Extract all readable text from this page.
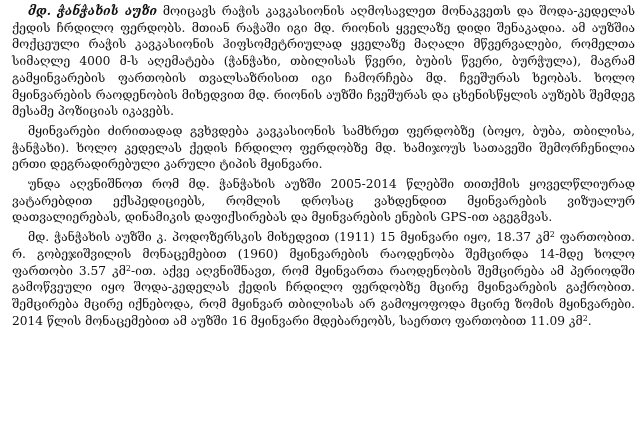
მდ. ჭანჭახის აუზი მოიცავს რაჭის კავკასიონის აღმოსავლეთ მონაკვეთს და შოდა-კედელას ქედის ჩრდილო ფერდობს. მთიან რაჭაში იგი მდ. რიონის ყველაზე დიდი შენაკადია. ამ აუზშია მოქცეული რაჭის კავკასიონის ჰიფსომეტრიულად ყველაზე მაღალი მწვერვალები, რომელთა სიმაღლე 4000 მ-ს აღემატება (ჭანჭახი, თბილისას წვერი, ბუბის წვერი, ბურჭულა), მაგრამ გამყინვარების ფართობის თვალსაზრისით იგი ჩამორჩება მდ. ჩვეშურას ხეობას. ხოლო მყინვარების რაოდენობის მიხედვით მდ. რიონის აუზში ჩვეშურას და ცხენისწყლის აუზებს შემდეგ მესამე პოზიციას იკავებს.

მყინვარები ძირითადად გვხვდება კავკასიონის სამხრეთ ფერდობზე (ბოყო, ბუბა, თბილისა, ჭანჭახი). ხოლო კედელას ქედის ჩრდილო ფერდობზე მდ. ხამიჯოუს სათავეში შემორჩენილია ერთი დეგრადირებული კარული ტიპის მყინვარი.

უნდა აღვნიშნოთ რომ მდ. ჭანჭახის აუზში 2005-2014 წლებში თითქმის ყოველწლიურად ვატარებდით ექსპედიციებს, რომლის დროსაც ვახდენდით მყინვარების ვიზუალურ დათვალიერებას, დინამიკის დაფიქსირებას და მყინვარების ენების GPS-ით აგეგმვას.

მდ. ჭანჭახის აუზში კ. პოდოზერსკის მიხედვით (1911) 15 მყინვარი იყო, 18.37 კმ$^2$ ფართობით. რ. გობეჯიშვილის მონაცემებით (1960) მყინვარების რაოდენობა შემცირდა 14-მდე ხოლო ფართობი 3.57 კმ$^2$-ით. აქვე აღვნიშნავთ, რომ მყინვართა რაოდენობის შემცირება ამ პერიოდში გამოწვეული იყო შოდა-კედელას ქედის ჩრდილო ფერდობზე მცირე მყინვარების გაქრობით. შემცირება მცირე იქნებოდა, რომ მყინვარ თბილისას არ გამოყოფოდა მცირე ზომის მყინვარები. 2014 წლის მონაცემებით ამ აუზში 16 მყინვარი მდებარეობს, საერთო ფართობით 11.09 კმ$^2$.
